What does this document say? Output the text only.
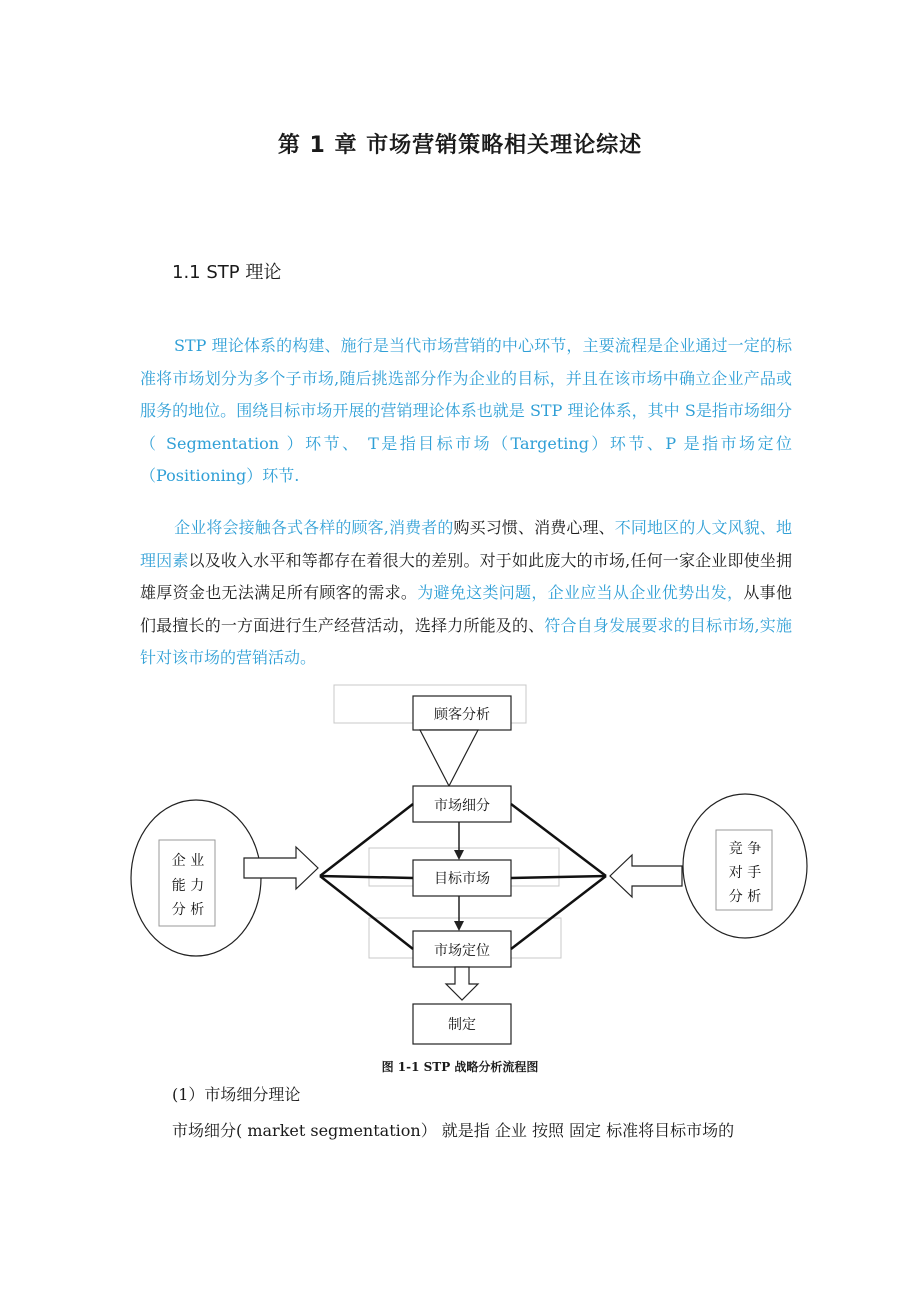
第 1 章 市场营销策略相关理论综述
1.1 STP 理论

STP 理论体系的构建、施行是当代市场营销的中心环节，主要流程是企业通过一定的标准将市场划分为多个子市场,随后挑选部分作为企业的目标，并且在该市场中确立企业产品或服务的地位。围绕目标市场开展的营销理论体系也就是 STP 理论体系，其中 S是指市场细分（ Segmentation ）环节、 T是指目标市场（Targeting）环节、P 是指市场定位（Positioning）环节.

企业将会接触各式各样的顾客,消费者的购买习惯、消费心理、不同地区的人文风貌、地理因素以及收入水平和等都存在着很大的差别。对于如此庞大的市场,任何一家企业即使坐拥雄厚资金也无法满足所有顾客的需求。为避免这类问题，企业应当从企业优势出发，从事他们最擅长的一方面进行生产经营活动，选择力所能及的、符合自身发展要求的目标市场,实施针对该市场的营销活动。

顾客分析
市场细分
目标市场
市场定位
制定
企 业
能 力
分 析
竞 争
对 手
分 析
图 1-1 STP 战略分析流程图
(1）市场细分理论
市场细分( market segmentation） 就是指 企业 按照 固定 标准将目标市场的
